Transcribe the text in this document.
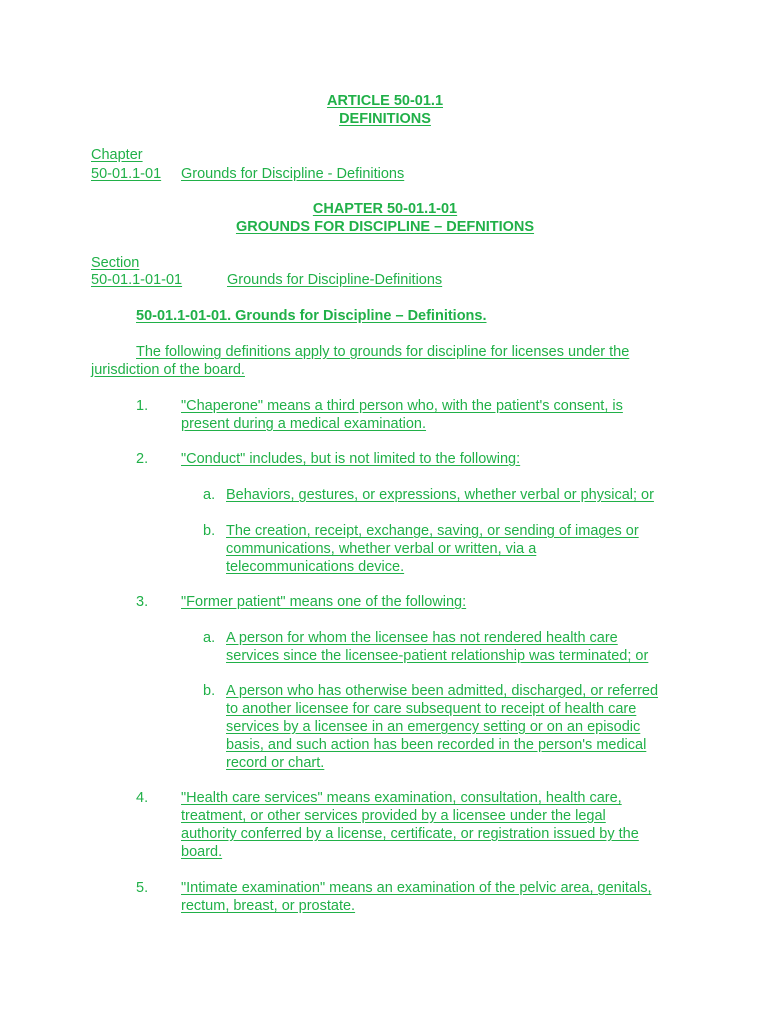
ARTICLE 50-01.1
DEFINITIONS
Chapter
50-01.1-01 Grounds for Discipline - Definitions
CHAPTER 50-01.1-01
GROUNDS FOR DISCIPLINE – DEFNITIONS
Section
50-01.1-01-01	Grounds for Discipline-Definitions
50-01.1-01-01. Grounds for Discipline – Definitions.
The following definitions apply to grounds for discipline for licenses under the
jurisdiction of the board.
1. "Chaperone" means a third person who, with the patient's consent, is
present during a medical examination.
2. "Conduct" includes, but is not limited to the following:
a. Behaviors, gestures, or expressions, whether verbal or physical; or
b. The creation, receipt, exchange, saving, or sending of images or
communications, whether verbal or written, via a
telecommunications device.
3. "Former patient" means one of the following:
a. A person for whom the licensee has not rendered health care
services since the licensee-patient relationship was terminated; or
b. A person who has otherwise been admitted, discharged, or referred
to another licensee for care subsequent to receipt of health care
services by a licensee in an emergency setting or on an episodic
basis, and such action has been recorded in the person's medical
record or chart.
4. "Health care services" means examination, consultation, health care,
treatment, or other services provided by a licensee under the legal
authority conferred by a license, certificate, or registration issued by the
board.
5. "Intimate examination" means an examination of the pelvic area, genitals,
rectum, breast, or prostate.
